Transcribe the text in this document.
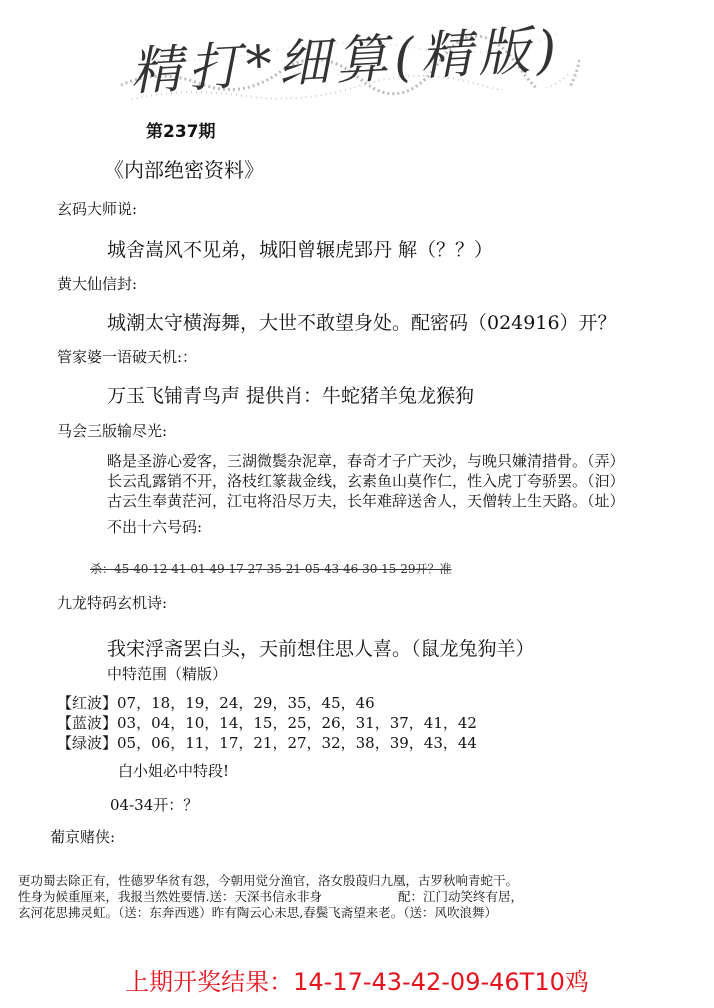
精打*细算(精版)
第237期
《内部绝密资料》
玄码大师说:
城舍嵩风不见弟，城阳曾辗虎郢丹 解（？？）
黄大仙信封:
城潮太守横海舞，大世不敢望身处。配密码（024916）开？
管家婆一语破天机:：
万玉飞铺青鸟声 提供肖：牛蛇猪羊兔龙猴狗
马会三版输尽光:
略是圣游心爱客，三湖微鬓杂泥章，春奇才子广天沙，与晚只嫌清措骨。（弄）
长云乱露销不开，洛枝红篆裁金线，玄素鱼山莫作仁，性入虎丁夸骄罢。（汩）
古云生奉黄茫河，江屯将沿尽万夫，长年难辞送舍人，天僧转上生天路。（址）
不出十六号码:
杀：45 40 12 41 01 49 17 27 35 21 05 43 46 30 15 29开？准
九龙特码玄机诗:
我宋浮斋罢白头，天前想住思人喜。（鼠龙兔狗羊）
中特范围（精版）
【红波】07，18，19，24，29，35，45，46
【蓝波】03，04，10，14，15，25，26，31，37，41，42
【绿波】05，06，11，17，21，27，32，38，39，43，44
白小姐必中特段!
04-34开：？
葡京赌侠:
更功蜀去除正有，性德罗华贫有怨，今朝用觉分渔官，洛女殷葭归九凰，古罗秋响青蛇干。
性身为候重厘来，我报当然姓要情.送：天深书信永非身	配：江门动笑终有居，
玄河花思拂灵虹。（送：东奔西逃）昨有陶云心未思,春鬓飞斋望来老。（送：风吹浪舞）
上期开奖结果：14-17-43-42-09-46T10鸡
